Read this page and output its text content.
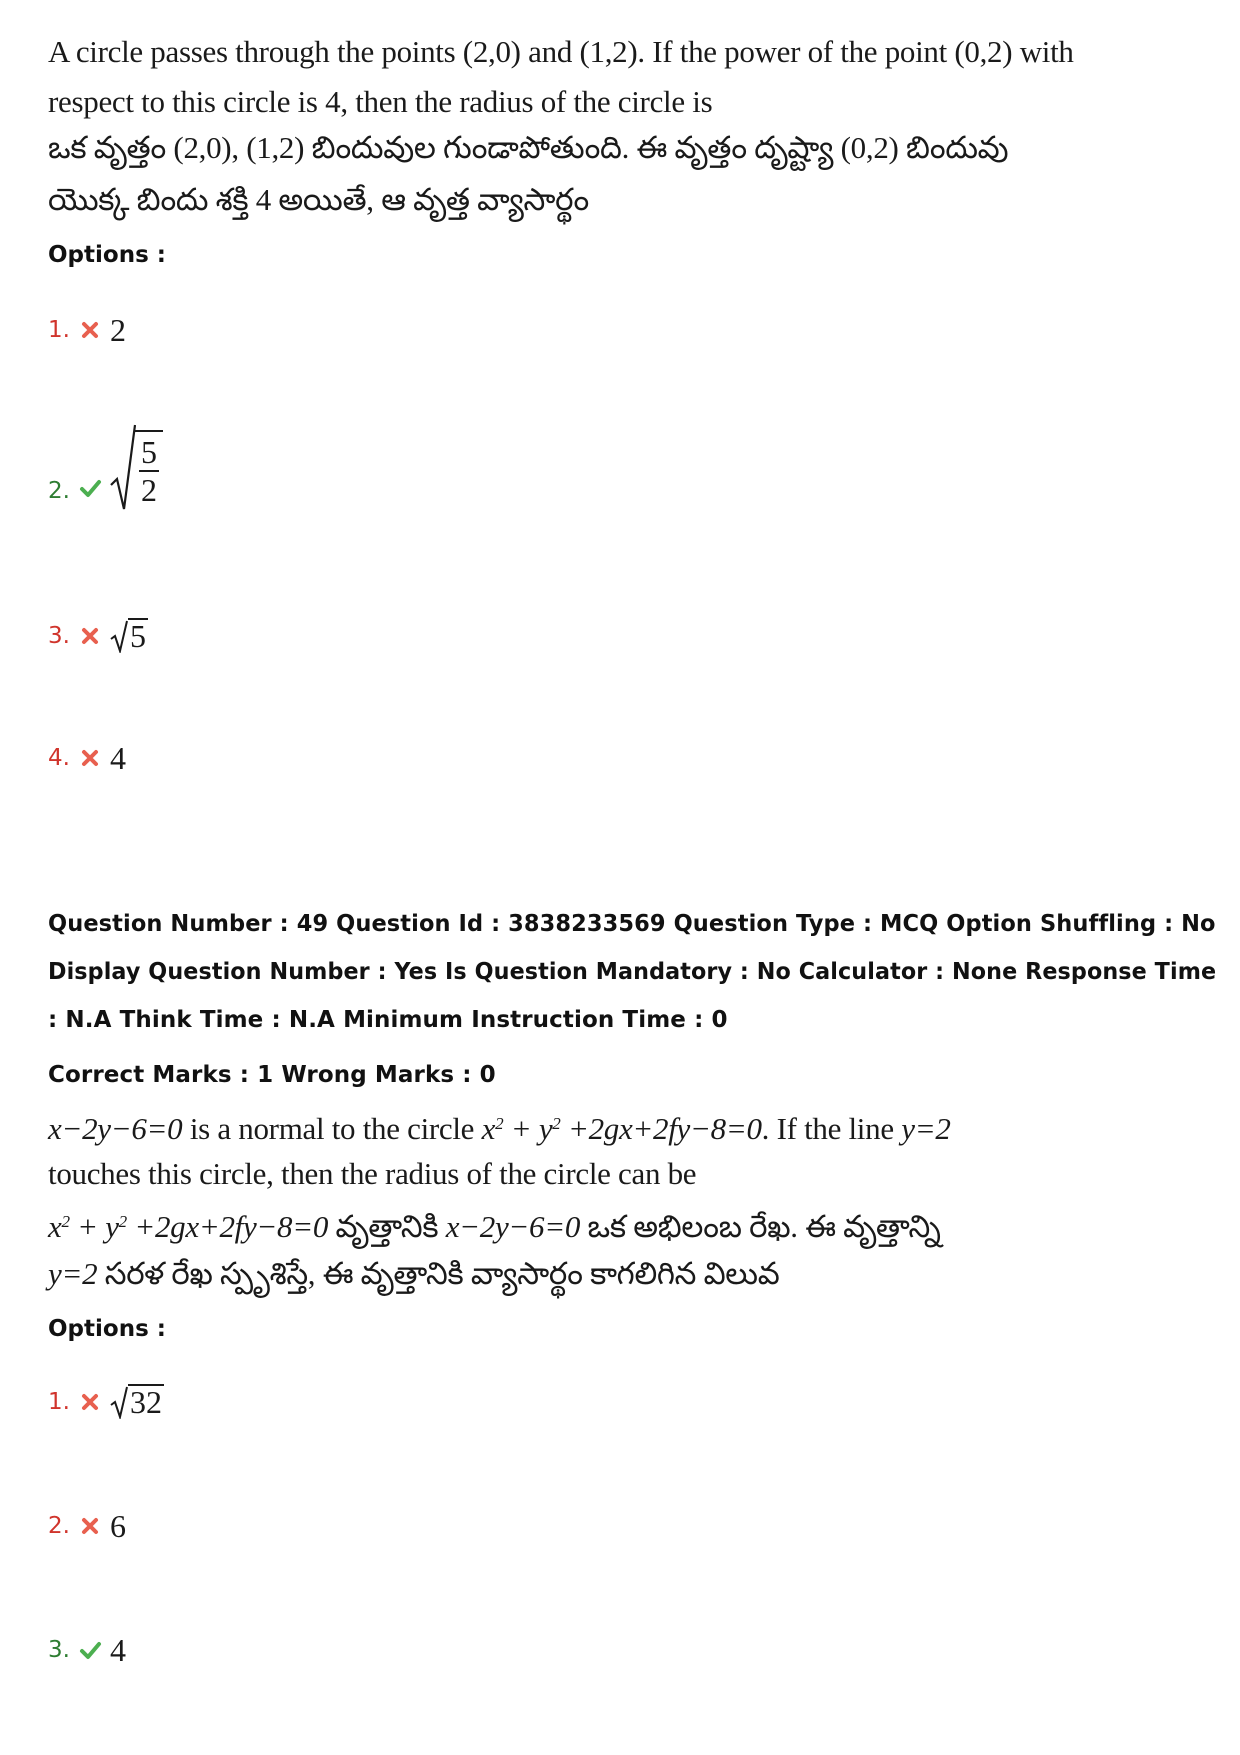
A circle passes through the points (2,0) and (1,2). If the power of the point (0,2) with
respect to this circle is 4, then the radius of the circle is
ఒక వృత్తం (2,0), (1,2) బిందువుల గుండాపోతుంది. ఈ వృత్తం దృష్ట్యా (0,2) బిందువు
యొక్క బిందు శక్తి 4 అయితే, ఆ వృత్త వ్యాసార్థం
Options :
1. 2
2. $\frac{5}{2}$
3. 5
4. 4
Question Number : 49 Question Id : 3838233569 Question Type : MCQ Option Shuffling : No
Display Question Number : Yes Is Question Mandatory : No Calculator : None Response Time
: N.A Think Time : N.A Minimum Instruction Time : 0
Correct Marks : 1 Wrong Marks : 0
x−2y−6=0 is a normal to the circle $x^2 + y^2 +2gx+2fy-8=0$. If the line y=2
touches this circle, then the radius of the circle can be
$x^2 + y^2 +2gx+2fy-8=0$ వృత్తానికి x−2y−6=0 ఒక అభిలంబ రేఖ. ఈ వృత్తాన్ని
y=2 సరళ రేఖ స్పృశిస్తే, ఈ వృత్తానికి వ్యాసార్థం కాగలిగిన విలువ
Options :
1. 32
2. 6
3. 4
